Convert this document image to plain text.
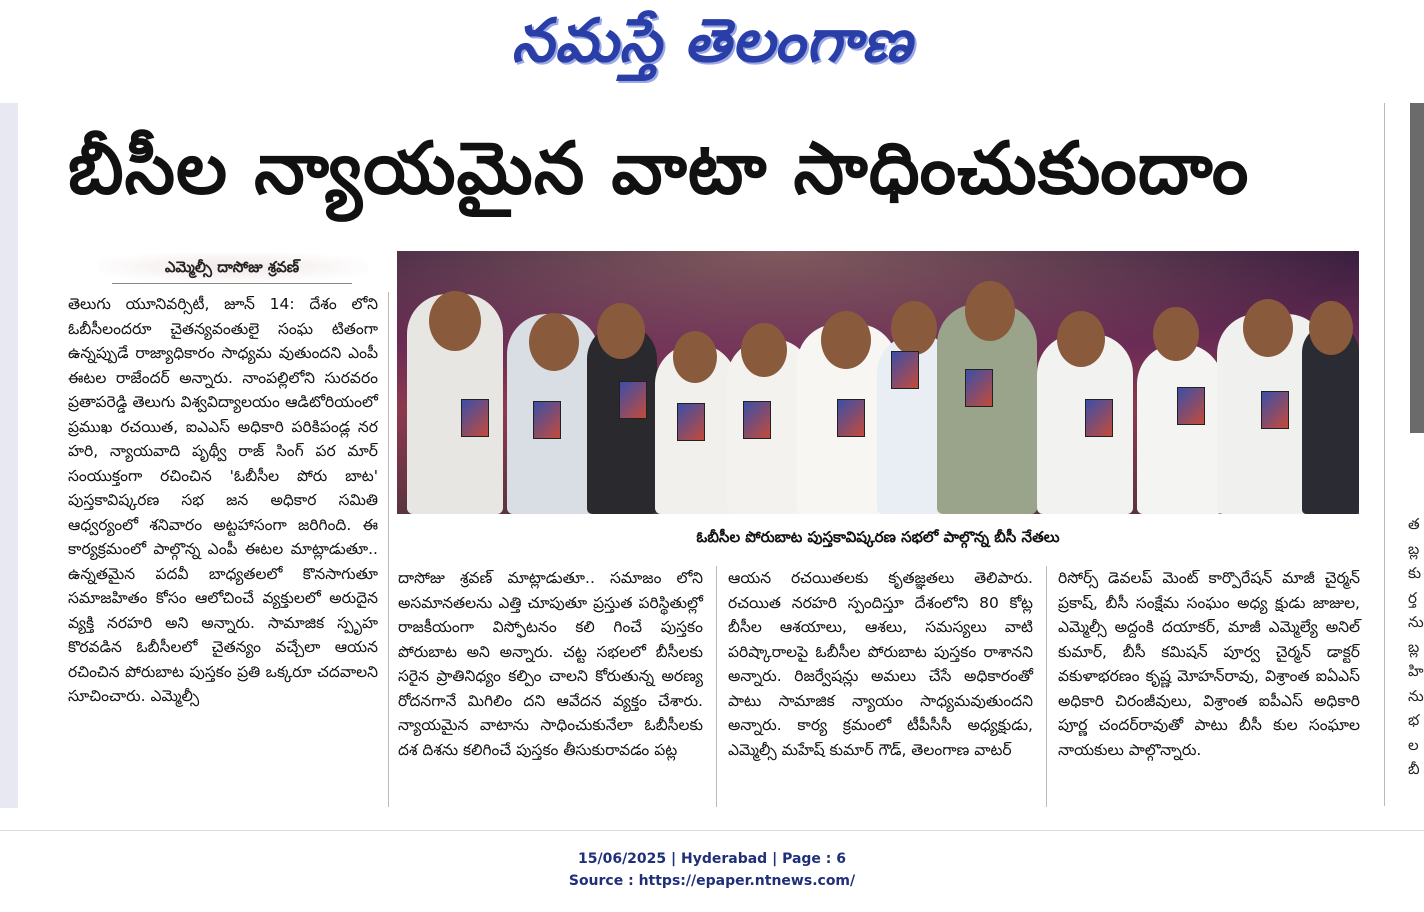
నమస్తే తెలంగాణ
త
బ్ల
కు
ర్త
ను
బ్ల
హి
ను
భ
ల
బీ
బీసీల న్యాయమైన వాటా సాధించుకుందాం
ఎమ్మెల్సీ దాసోజు శ్రవణ్

తెలుగు యూనివర్సిటీ, జూన్ 14: దేశం లోని ఓబీసీలందరూ చైతన్యవంతులై సంఘ టితంగా ఉన్నప్పుడే రాజ్యాధికారం సాధ్యమ వుతుందని ఎంపీ ఈటల రాజేందర్ అన్నారు. నాంపల్లిలోని సురవరం ప్రతాపరెడ్డి తెలుగు విశ్వవిద్యాలయం ఆడిటోరియంలో ప్రముఖ రచయిత, ఐఎఎస్ అధికారి పరికిపండ్ల నర హరి, న్యాయవాది పృథ్వీ రాజ్ సింగ్ పర మార్ సంయుక్తంగా రచించిన 'ఓబీసీల పోరు బాట' పుస్తకావిష్కరణ సభ జన అధికార సమితి ఆధ్వర్యంలో శనివారం అట్టహాసంగా జరిగింది. ఈ కార్యక్రమంలో పాల్గొన్న ఎంపీ ఈటల మాట్లాడుతూ.. ఉన్నతమైన పదవీ బాధ్యతలలో కొనసాగుతూ సమాజహితం కోసం ఆలోచించే వ్యక్తులలో అరుదైన వ్యక్తి నరహరి అని అన్నారు. సామాజిక స్పృహ కొరవడిన ఓబీసీలలో చైతన్యం వచ్చేలా ఆయన రచించిన పోరుబాట పుస్తకం ప్రతి ఒక్కరూ చదవాలని సూచించారు. ఎమ్మెల్సీ

ఓబీసీల పోరుబాట పుస్తకావిష్కరణ సభలో పాల్గొన్న బీసీ నేతలు

దాసోజు శ్రవణ్ మాట్లాడుతూ.. సమాజం లోని అసమానతలను ఎత్తి చూపుతూ ప్రస్తుత పరిస్థితుల్లో రాజకీయంగా విస్ఫోటనం కలి గించే పుస్తకం పోరుబాట అని అన్నారు. చట్ట సభలలో బీసీలకు సరైన ప్రాతినిధ్యం కల్పిం చాలని కోరుతున్న అరణ్య రోదనగానే మిగిలిం దని ఆవేదన వ్యక్తం చేశారు. న్యాయమైన వాటాను సాధించుకునేలా ఓబీసీలకు దశ దిశను కలిగించే పుస్తకం తీసుకురావడం పట్ల

ఆయన రచయితలకు కృతజ్ఞతలు తెలిపారు. రచయిత నరహరి స్పందిస్తూ దేశంలోని 80 కోట్ల బీసీల ఆశయాలు, ఆశలు, సమస్యలు వాటి పరిష్కారాలపై ఓబీసీల పోరుబాట పుస్తకం రాశానని అన్నారు. రిజర్వేషన్లు అమలు చేసే అధికారంతో పాటు సామాజిక న్యాయం సాధ్యమవుతుందని అన్నారు. కార్య క్రమంలో టీపీసీసీ అధ్యక్షుడు, ఎమ్మెల్సీ మహేష్ కుమార్ గౌడ్, తెలంగాణ వాటర్

రిసోర్స్ డెవలప్ మెంట్ కార్పొరేషన్ మాజీ చైర్మన్ ప్రకాష్, బీసీ సంక్షేమ సంఘం అధ్య క్షుడు జాజుల, ఎమ్మెల్సీ అద్దంకి దయాకర్, మాజీ ఎమ్మెల్యే అనిల్ కుమార్, బీసీ కమిషన్ పూర్వ చైర్మన్ డాక్టర్ వకుళాభరణం కృష్ణ మోహన్‌రావు, విశ్రాంత ఐఏఎస్ అధికారి చిరంజీవులు, విశ్రాంత ఐపీఎస్ అధికారి పూర్ణ చందర్‌రావుతో పాటు బీసీ కుల సంఘాల నాయకులు పాల్గొన్నారు.

15/06/2025 | Hyderabad | Page : 6
Source : https://epaper.ntnews.com/
